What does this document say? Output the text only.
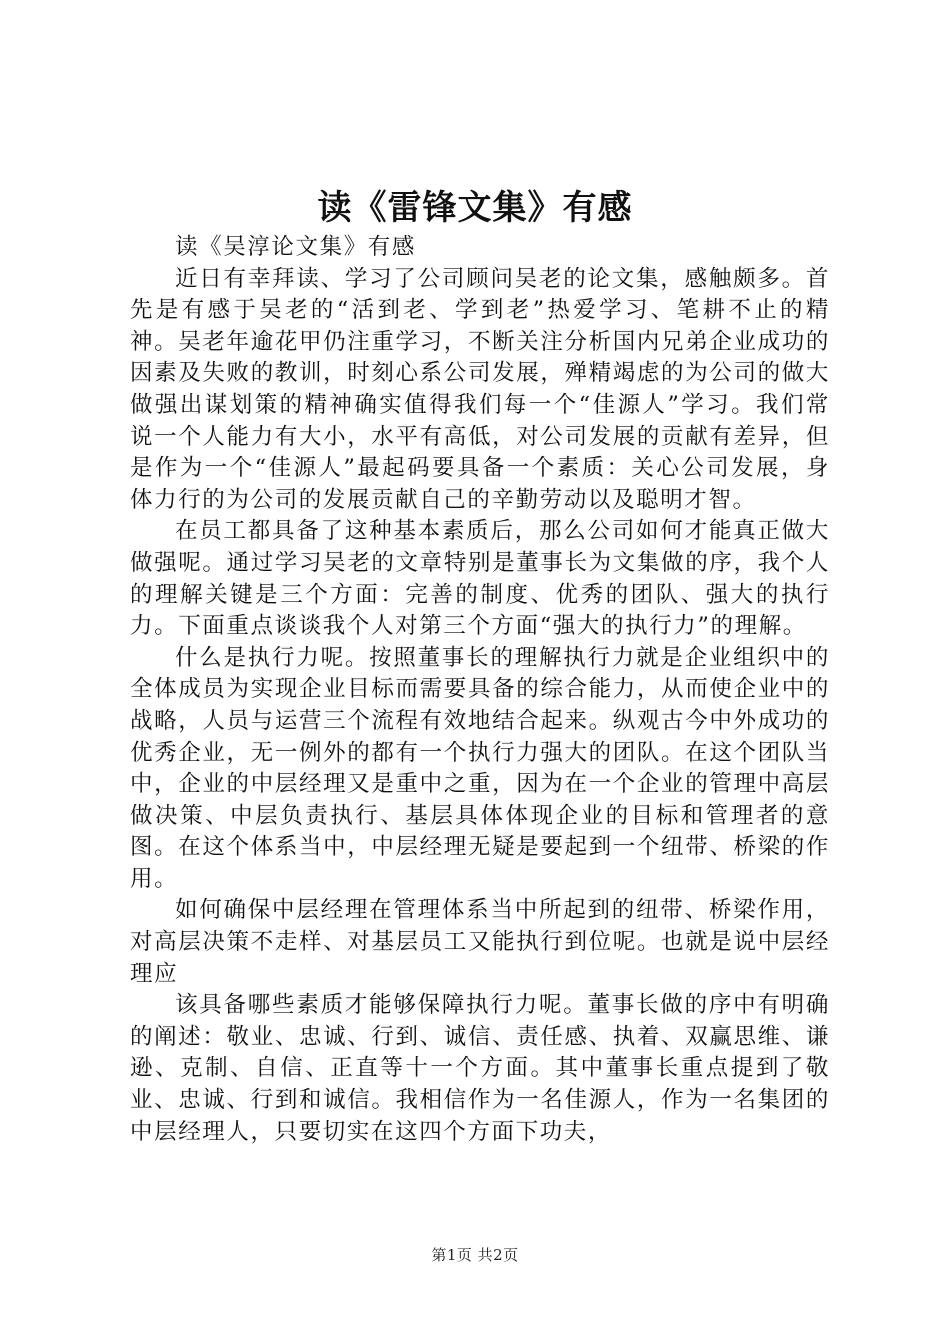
读《雷锋文集》有感

读《吴淳论文集》有感

近日有幸拜读、学习了公司顾问吴老的论文集，感触颇多。首先是有感于吴老的“活到老、学到老”热爱学习、笔耕不止的精神。吴老年逾花甲仍注重学习，不断关注分析国内兄弟企业成功的因素及失败的教训，时刻心系公司发展，殚精竭虑的为公司的做大做强出谋划策的精神确实值得我们每一个“佳源人”学习。我们常说一个人能力有大小，水平有高低，对公司发展的贡献有差异，但是作为一个“佳源人”最起码要具备一个素质：关心公司发展，身体力行的为公司的发展贡献自己的辛勤劳动以及聪明才智。

在员工都具备了这种基本素质后，那么公司如何才能真正做大做强呢。通过学习吴老的文章特别是董事长为文集做的序，我个人的理解关键是三个方面：完善的制度、优秀的团队、强大的执行力。下面重点谈谈我个人对第三个方面“强大的执行力”的理解。

什么是执行力呢。按照董事长的理解执行力就是企业组织中的全体成员为实现企业目标而需要具备的综合能力，从而使企业中的战略，人员与运营三个流程有效地结合起来。纵观古今中外成功的优秀企业，无一例外的都有一个执行力强大的团队。在这个团队当中，企业的中层经理又是重中之重，因为在一个企业的管理中高层做决策、中层负责执行、基层具体体现企业的目标和管理者的意图。在这个体系当中，中层经理无疑是要起到一个纽带、桥梁的作用。

如何确保中层经理在管理体系当中所起到的纽带、桥梁作用，对高层决策不走样、对基层员工又能执行到位呢。也就是说中层经理应

该具备哪些素质才能够保障执行力呢。董事长做的序中有明确的阐述：敬业、忠诚、行到、诚信、责任感、执着、双赢思维、谦逊、克制、自信、正直等十一个方面。其中董事长重点提到了敬业、忠诚、行到和诚信。我相信作为一名佳源人，作为一名集团的中层经理人，只要切实在这四个方面下功夫，

第1页 共2页
